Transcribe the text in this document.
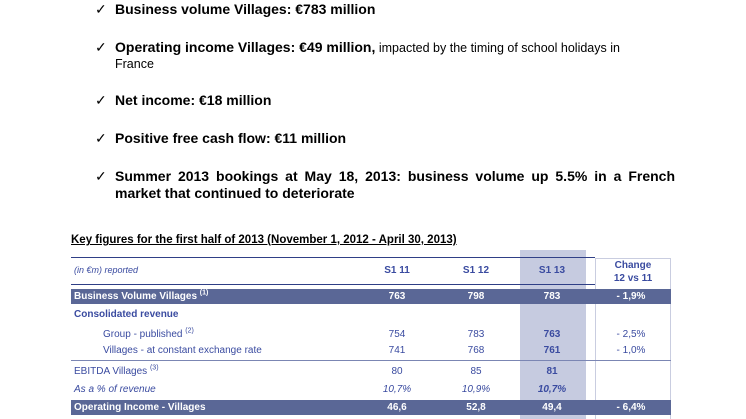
✓ Business volume Villages: €783 million
✓ Operating income Villages: €49 million, impacted by the timing of school holidays in
France
✓ Net income: €18 million
✓ Positive free cash flow: €11 million
✓ Summer 2013 bookings at May 18, 2013: business volume up 5.5% in a French market that continued to deteriorate
Key figures for the first half of 2013 (November 1, 2012 - April 30, 2013)
(in €m) reported	S1 11	S1 12	S1 13	Change
12 vs 11
Business Volume Villages $^{(1)}$	763	798	783	- 1,9%
Consolidated revenue
Group - published $^{(2)}$	754	783	763	- 2,5%
Villages - at constant exchange rate	741	768	761	- 1,0%
EBITDA Villages $^{(3)}$	80	85	81
As a % of revenue	10,7%	10,9%	10,7%
Operating Income - Villages	46,6	52,8	49,4	- 6,4%
